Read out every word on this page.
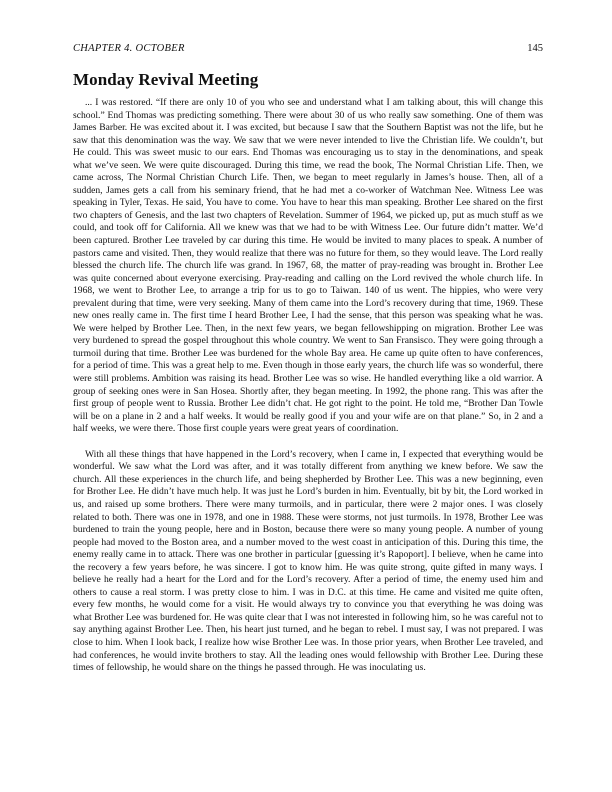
CHAPTER 4. OCTOBER	145
Monday Revival Meeting

... I was restored. “If there are only 10 of you who see and understand what I am talking about, this will change this school.” End Thomas was predicting something. There were about 30 of us who really saw something. One of them was James Barber. He was excited about it. I was excited, but because I saw that the Southern Baptist was not the life, but he saw that this denomination was the way. We saw that we were never intended to live the Christian life. We couldn’t, but He could. This was sweet music to our ears. End Thomas was encouraging us to stay in the denominations, and speak what we’ve seen. We were quite discouraged. During this time, we read the book, The Normal Christian Life. Then, we came across, The Normal Christian Church Life. Then, we began to meet regularly in James’s house. Then, all of a sudden, James gets a call from his seminary friend, that he had met a co-worker of Watchman Nee. Witness Lee was speaking in Tyler, Texas. He said, You have to come. You have to hear this man speaking. Brother Lee shared on the first two chapters of Genesis, and the last two chapters of Revelation. Summer of 1964, we picked up, put as much stuff as we could, and took off for California. All we knew was that we had to be with Witness Lee. Our future didn’t matter. We’d been captured. Brother Lee traveled by car during this time. He would be invited to many places to speak. A number of pastors came and visited. Then, they would realize that there was no future for them, so they would leave. The Lord really blessed the church life. The church life was grand. In 1967, 68, the matter of pray-reading was brought in. Brother Lee was quite concerned about everyone exercising. Pray-reading and calling on the Lord revived the whole church life. In 1968, we went to Brother Lee, to arrange a trip for us to go to Taiwan. 140 of us went. The hippies, who were very prevalent during that time, were very seeking. Many of them came into the Lord’s recovery during that time, 1969. These new ones really came in. The first time I heard Brother Lee, I had the sense, that this person was speaking what he was. We were helped by Brother Lee. Then, in the next few years, we began fellowshipping on migration. Brother Lee was very burdened to spread the gospel throughout this whole country. We went to San Fransisco. They were going through a turmoil during that time. Brother Lee was burdened for the whole Bay area. He came up quite often to have conferences, for a period of time. This was a great help to me. Even though in those early years, the church life was so wonderful, there were still problems. Ambition was raising its head. Brother Lee was so wise. He handled everything like a old warrior. A group of seeking ones were in San Hosea. Shortly after, they began meeting. In 1992, the phone rang. This was after the first group of people went to Russia. Brother Lee didn’t chat. He got right to the point. He told me, “Brother Dan Towle will be on a plane in 2 and a half weeks. It would be really good if you and your wife are on that plane.” So, in 2 and a half weeks, we were there. Those first couple years were great years of coordination.

With all these things that have happened in the Lord’s recovery, when I came in, I expected that everything would be wonderful. We saw what the Lord was after, and it was totally different from anything we knew before. We saw the church. All these experiences in the church life, and being shepherded by Brother Lee. This was a new beginning, even for Brother Lee. He didn’t have much help. It was just he Lord’s burden in him. Eventually, bit by bit, the Lord worked in us, and raised up some brothers. There were many turmoils, and in particular, there were 2 major ones. I was closely related to both. There was one in 1978, and one in 1988. These were storms, not just turmoils. In 1978, Brother Lee was burdened to train the young people, here and in Boston, because there were so many young people. A number of young people had moved to the Boston area, and a number moved to the west coast in anticipation of this. During this time, the enemy really came in to attack. There was one brother in particular [guessing it’s Rapoport]. I believe, when he came into the recovery a few years before, he was sincere. I got to know him. He was quite strong, quite gifted in many ways. I believe he really had a heart for the Lord and for the Lord’s recovery. After a period of time, the enemy used him and others to cause a real storm. I was pretty close to him. I was in D.C. at this time. He came and visited me quite often, every few months, he would come for a visit. He would always try to convince you that everything he was doing was what Brother Lee was burdened for. He was quite clear that I was not interested in following him, so he was careful not to say anything against Brother Lee. Then, his heart just turned, and he began to rebel. I must say, I was not prepared. I was close to him. When I look back, I realize how wise Brother Lee was. In those prior years, when Brother Lee traveled, and had conferences, he would invite brothers to stay. All the leading ones would fellowship with Brother Lee. During these times of fellowship, he would share on the things he passed through. He was inoculating us.
